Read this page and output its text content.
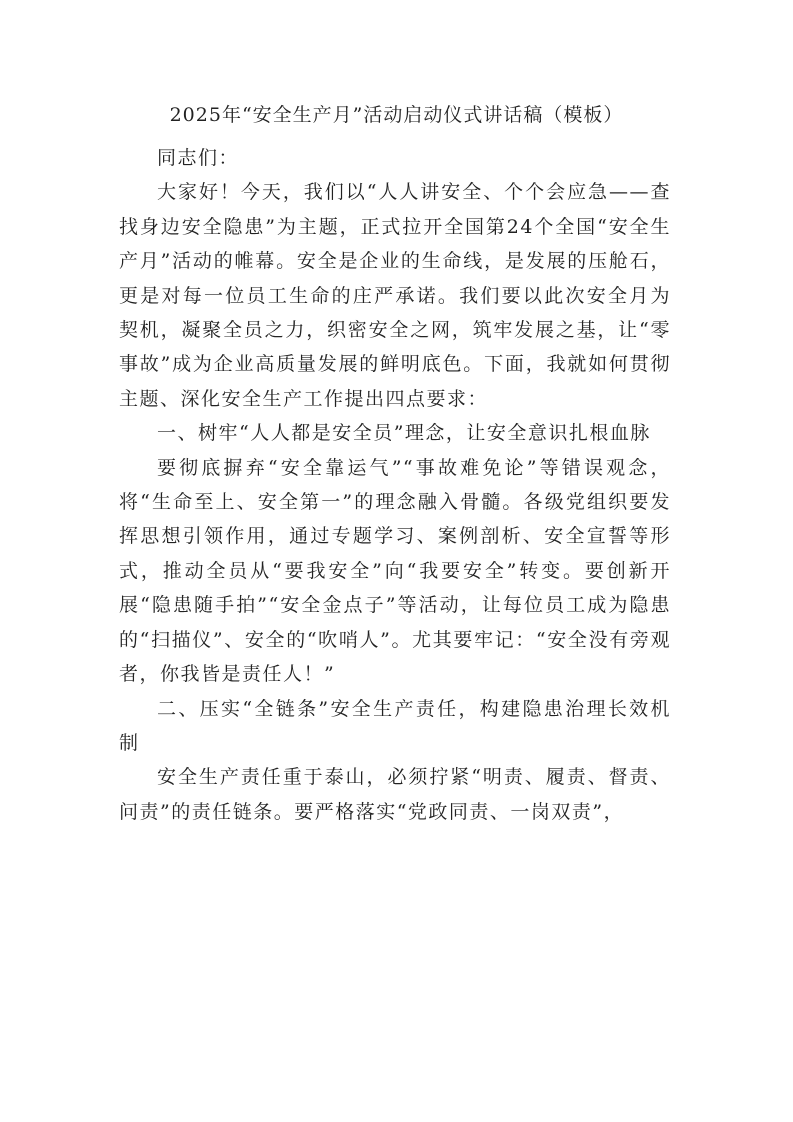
2025年“安全生产月”活动启动仪式讲话稿（模板）

同志们：

大家好！今天，我们以“人人讲安全、个个会应急——查找身边安全隐患”为主题，正式拉开全国第24个全国“安全生产月”活动的帷幕。安全是企业的生命线，是发展的压舱石，更是对每一位员工生命的庄严承诺。我们要以此次安全月为契机，凝聚全员之力，织密安全之网，筑牢发展之基，让“零事故”成为企业高质量发展的鲜明底色。下面，我就如何贯彻主题、深化安全生产工作提出四点要求：

一、树牢“人人都是安全员”理念，让安全意识扎根血脉

要彻底摒弃“安全靠运气”“事故难免论”等错误观念，将“生命至上、安全第一”的理念融入骨髓。各级党组织要发挥思想引领作用，通过专题学习、案例剖析、安全宣誓等形式，推动全员从“要我安全”向“我要安全”转变。要创新开展“隐患随手拍”“安全金点子”等活动，让每位员工成为隐患的“扫描仪”、安全的“吹哨人”。尤其要牢记：“安全没有旁观者，你我皆是责任人！”

二、压实“全链条”安全生产责任，构建隐患治理长效机制

安全生产责任重于泰山，必须拧紧“明责、履责、督责、问责”的责任链条。要严格落实“党政同责、一岗双责”，
